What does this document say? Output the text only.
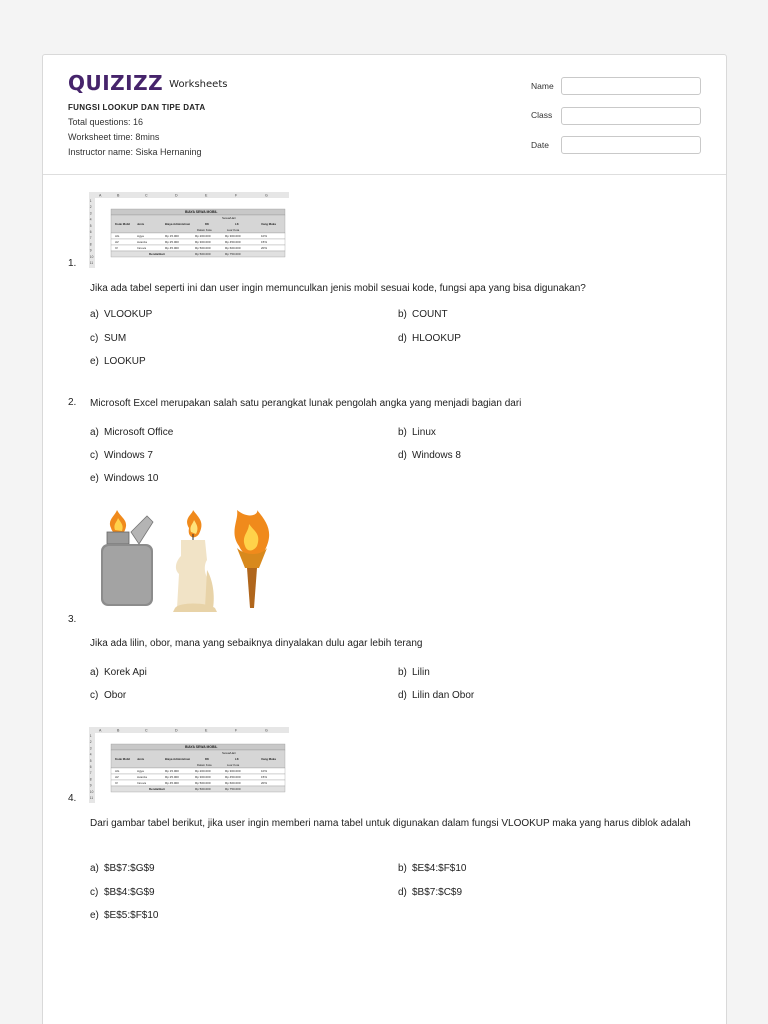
QUIZIZZ Worksheets
FUNGSI LOOKUP DAN TIPE DATA
Total questions: 16
Worksheet time: 8mins
Instructor name: Siska Hernaning
Name
Class
Date
A	B	C	D	E	F	G
1
2
3
4
5
6
7
8
9
10
11
BIAYA SEWA MOBIL
Sewa/Hari
Kode Mobil Jenis	Biaya Administrasi	DK	LK	Uang Muka
Dalam Kota	Luar Kota
AG	Agya	Rp 15.000	Rp 200.000	Rp 300.000	10%
AV	Avanza	Rp 25.000	Rp 300.000	Rp 450.000	15%
IV	Innova	Rp 45.000	Rp 500.000	Rp 600.000	20%
Denda/Hari	Rp 500.000	Rp 750.000
1.
Jika ada tabel seperti ini dan user ingin memunculkan jenis mobil sesuai kode, fungsi apa yang bisa digunakan?
a) VLOOKUP	b) COUNT
c) SUM	d) HLOOKUP
e) LOOKUP
2. Microsoft Excel merupakan salah satu perangkat lunak pengolah angka yang menjadi bagian dari
a) Microsoft Office	b) Linux
c) Windows 7	d) Windows 8
e) Windows 10
3.
Jika ada lilin, obor, mana yang sebaiknya dinyalakan dulu agar lebih terang
a) Korek Api	b) Lilin
c) Obor	d) Lilin dan Obor
A	B	C	D	E	F	G
1
2
3
4
5
6
7
8
9
10
11
BIAYA SEWA MOBIL
Sewa/Hari
Kode Mobil Jenis	Biaya Administrasi	DK	LK	Uang Muka
Dalam Kota	Luar Kota
AG	Agya	Rp 15.000	Rp 200.000	Rp 300.000	10%
AV	Avanza	Rp 25.000	Rp 300.000	Rp 450.000	15%
IV	Innova	Rp 45.000	Rp 500.000	Rp 600.000	20%
Denda/Hari	Rp 500.000	Rp 750.000
4.
Dari gambar tabel berikut, jika user ingin memberi nama tabel untuk digunakan dalam fungsi VLOOKUP maka yang harus diblok adalah
a) $B$7:$G$9	b) $E$4:$F$10
c) $B$4:$G$9	d) $B$7:$C$9
e) $E$5:$F$10
